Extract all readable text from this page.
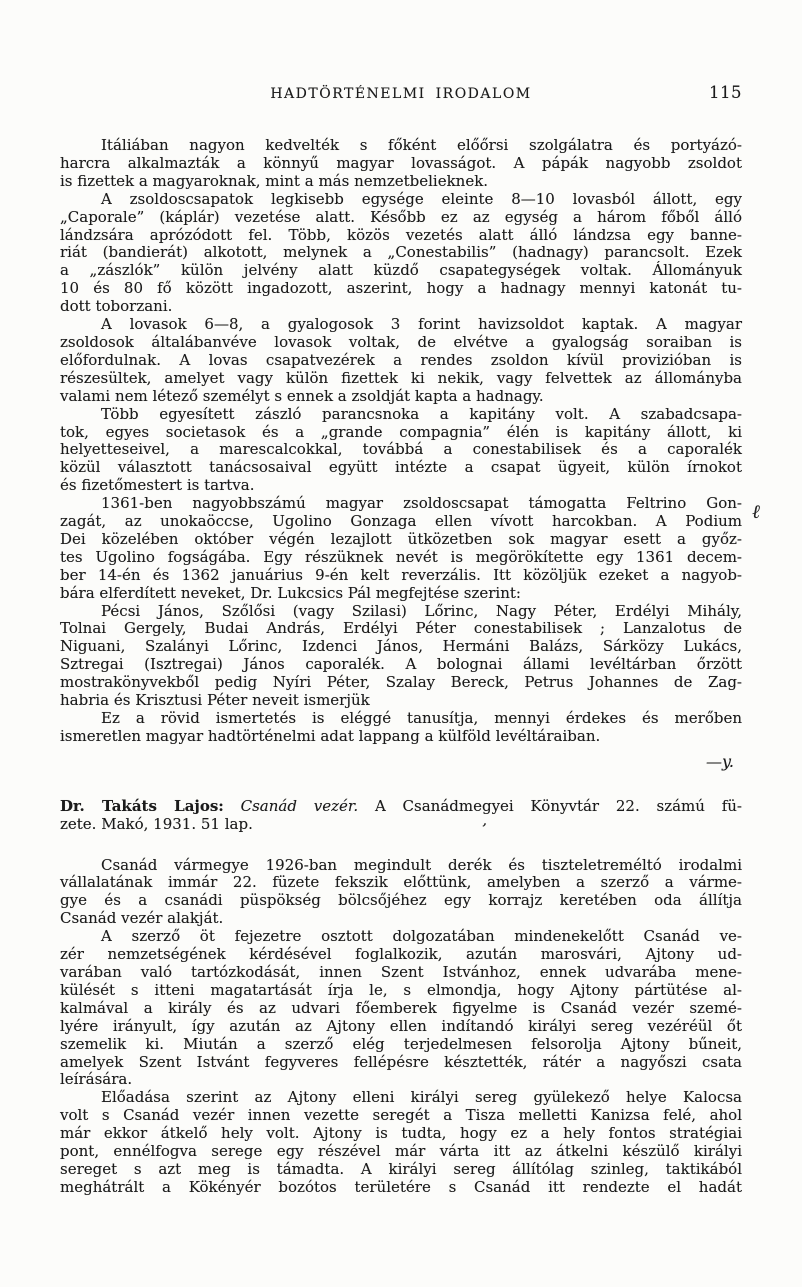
HADTÖRTÉNELMI IRODALOM	115
Itáliában nagyon kedvelték s főként előőrsi szolgálatra és portyázó-
harcra alkalmazták a könnyű magyar lovasságot. A pápák nagyobb zsoldot
is fizettek a magyaroknak, mint a más nemzetbelieknek.
A zsoldoscsapatok legkisebb egysége eleinte 8—10 lovasból állott, egy
„Caporale” (káplár) vezetése alatt. Később ez az egység a három főből álló
lándzsára aprózódott fel. Több, közös vezetés alatt álló lándzsa egy banne-
riát (bandierát) alkotott, melynek a „Conestabilis” (hadnagy) parancsolt. Ezek
a „zászlók” külön jelvény alatt küzdő csapategységek voltak. Állományuk
10 és 80 fő között ingadozott, aszerint, hogy a hadnagy mennyi katonát tu-
dott toborzani.
A lovasok 6—8, a gyalogosok 3 forint havizsoldot kaptak. A magyar
zsoldosok általábanvéve lovasok voltak, de elvétve a gyalogság soraiban is
előfordulnak. A lovas csapatvezérek a rendes zsoldon kívül provizióban is
részesültek, amelyet vagy külön fizettek ki nekik, vagy felvettek az állományba
valami nem létező személyt s ennek a zsoldját kapta a hadnagy.
Több egyesített zászló parancsnoka a kapitány volt. A szabadcsapa-
tok, egyes societasok és a „grande compagnia” élén is kapitány állott, ki
helyetteseivel, a marescalcokkal, továbbá a conestabilisek és a caporalék
közül választott tanácsosaival együtt intézte a csapat ügyeit, külön írnokot
és fizetőmestert is tartva.
1361-ben nagyobbszámú magyar zsoldoscsapat támogatta Feltrino Gon-
zagát, az unokaöccse, Ugolino Gonzaga ellen vívott harcokban. A Podium
Dei közelében október végén lezajlott ütközetben sok magyar esett a győz-
tes Ugolino fogságába. Egy részüknek nevét is megörökítette egy 1361 decem-
ber 14-én és 1362 januárius 9-én kelt reverzális. Itt közöljük ezeket a nagyob-
bára elferdített neveket, Dr. Lukcsics Pál megfejtése szerint:
Pécsi János, Szőlősi (vagy Szilasi) Lőrinc, Nagy Péter, Erdélyi Mihály,
Tolnai Gergely, Budai András, Erdélyi Péter conestabilisek ; Lanzalotus de
Niguani, Szalányi Lőrinc, Izdenci János, Hermáni Balázs, Sárközy Lukács,
Sztregai (Isztregai) János caporalék. A bolognai állami levéltárban őrzött
mostrakönyvekből pedig Nyíri Péter, Szalay Bereck, Petrus Johannes de Zag-
habria és Krisztusi Péter neveit ismerjük
Ez a rövid ismertetés is eléggé tanusítja, mennyi érdekes és merőben
ismeretlen magyar hadtörténelmi adat lappang a külföld levéltáraiban.
—y.
Dr. Takáts Lajos: Csanád vezér. A Csanádmegyei Könyvtár 22. számú fü-
zete. Makó, 1931. 51 lap.
Csanád vármegye 1926-ban megindult derék és tiszteletreméltó irodalmi
vállalatának immár 22. füzete fekszik előttünk, amelyben a szerző a várme-
gye és a csanádi püspökség bölcsőjéhez egy korrajz keretében oda állítja
Csanád vezér alakját.
A szerző öt fejezetre osztott dolgozatában mindenekelőtt Csanád ve-
zér nemzetségének kérdésével foglalkozik, azután marosvári, Ajtony ud-
varában való tartózkodását, innen Szent Istvánhoz, ennek udvarába mene-
külését s itteni magatartását írja le, s elmondja, hogy Ajtony pártütése al-
kalmával a király és az udvari főemberek figyelme is Csanád vezér szemé-
lyére irányult, így azután az Ajtony ellen indítandó királyi sereg vezéréül őt
szemelik ki. Miután a szerző elég terjedelmesen felsorolja Ajtony bűneit,
amelyek Szent Istvánt fegyveres fellépésre késztették, rátér a nagyőszi csata
leírására.
Előadása szerint az Ajtony elleni királyi sereg gyülekező helye Kalocsa
volt s Csanád vezér innen vezette seregét a Tisza melletti Kanizsa felé, ahol
már ekkor átkelő hely volt. Ajtony is tudta, hogy ez a hely fontos stratégiai
pont, ennélfogva serege egy részével már várta itt az átkelni készülő királyi
sereget s azt meg is támadta. A királyi sereg állítólag szinleg, taktikából
meghátrált a Kökényér bozótos területére s Csanád itt rendezte el hadát
ℓ
‚
